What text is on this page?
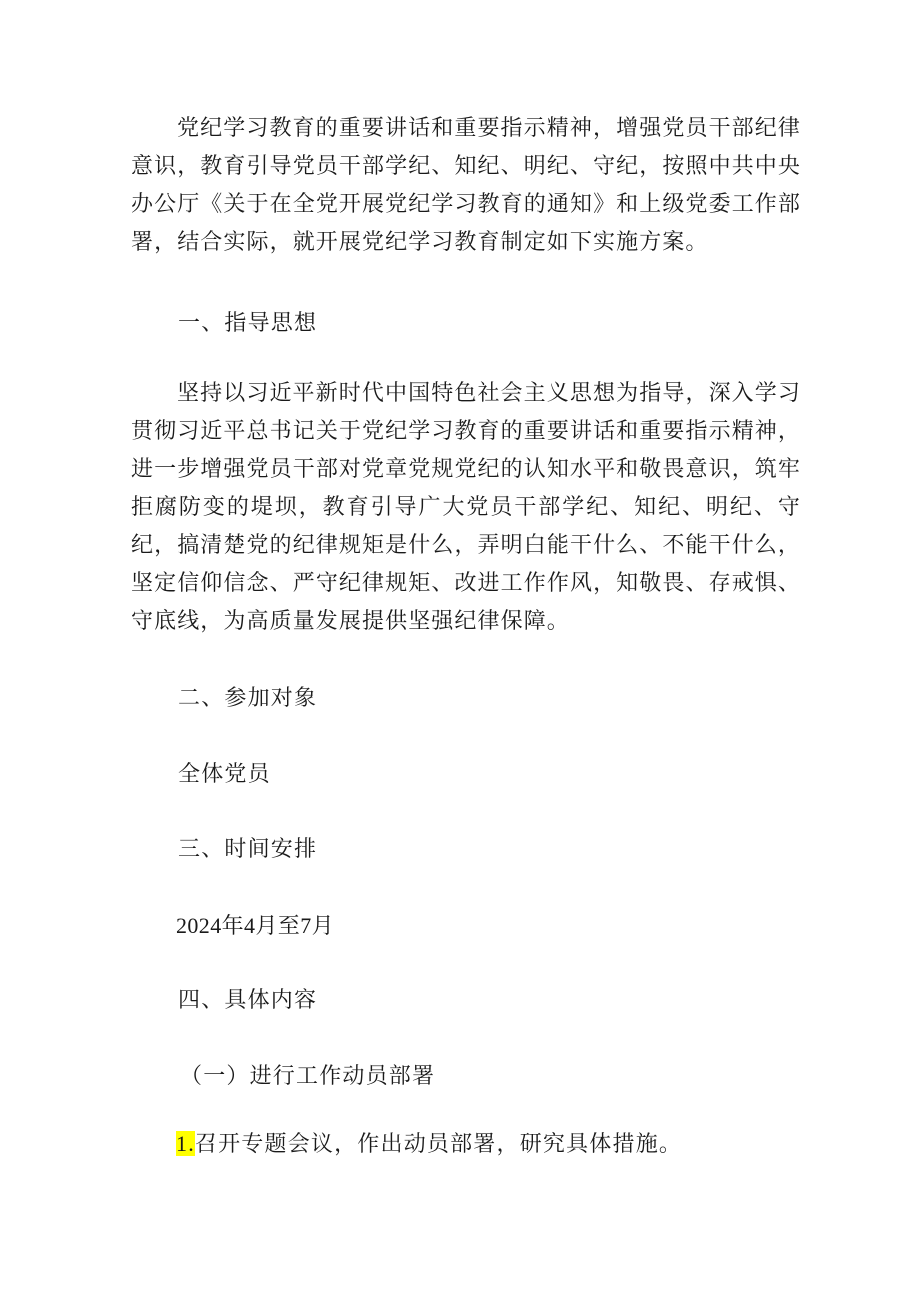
党纪学习教育的重要讲话和重要指示精神，增强党员干部纪律意识，教育引导党员干部学纪、知纪、明纪、守纪，按照中共中央办公厅《关于在全党开展党纪学习教育的通知》和上级党委工作部署，结合实际，就开展党纪学习教育制定如下实施方案。

一、指导思想

坚持以习近平新时代中国特色社会主义思想为指导，深入学习贯彻习近平总书记关于党纪学习教育的重要讲话和重要指示精神，进一步增强党员干部对党章党规党纪的认知水平和敬畏意识，筑牢拒腐防变的堤坝，教育引导广大党员干部学纪、知纪、明纪、守纪，搞清楚党的纪律规矩是什么，弄明白能干什么、不能干什么，坚定信仰信念、严守纪律规矩、改进工作作风，知敬畏、存戒惧、守底线，为高质量发展提供坚强纪律保障。

二、参加对象

全体党员

三、时间安排

2024年4月至7月

四、具体内容

（一）进行工作动员部署

1.召开专题会议，作出动员部署，研究具体措施。
